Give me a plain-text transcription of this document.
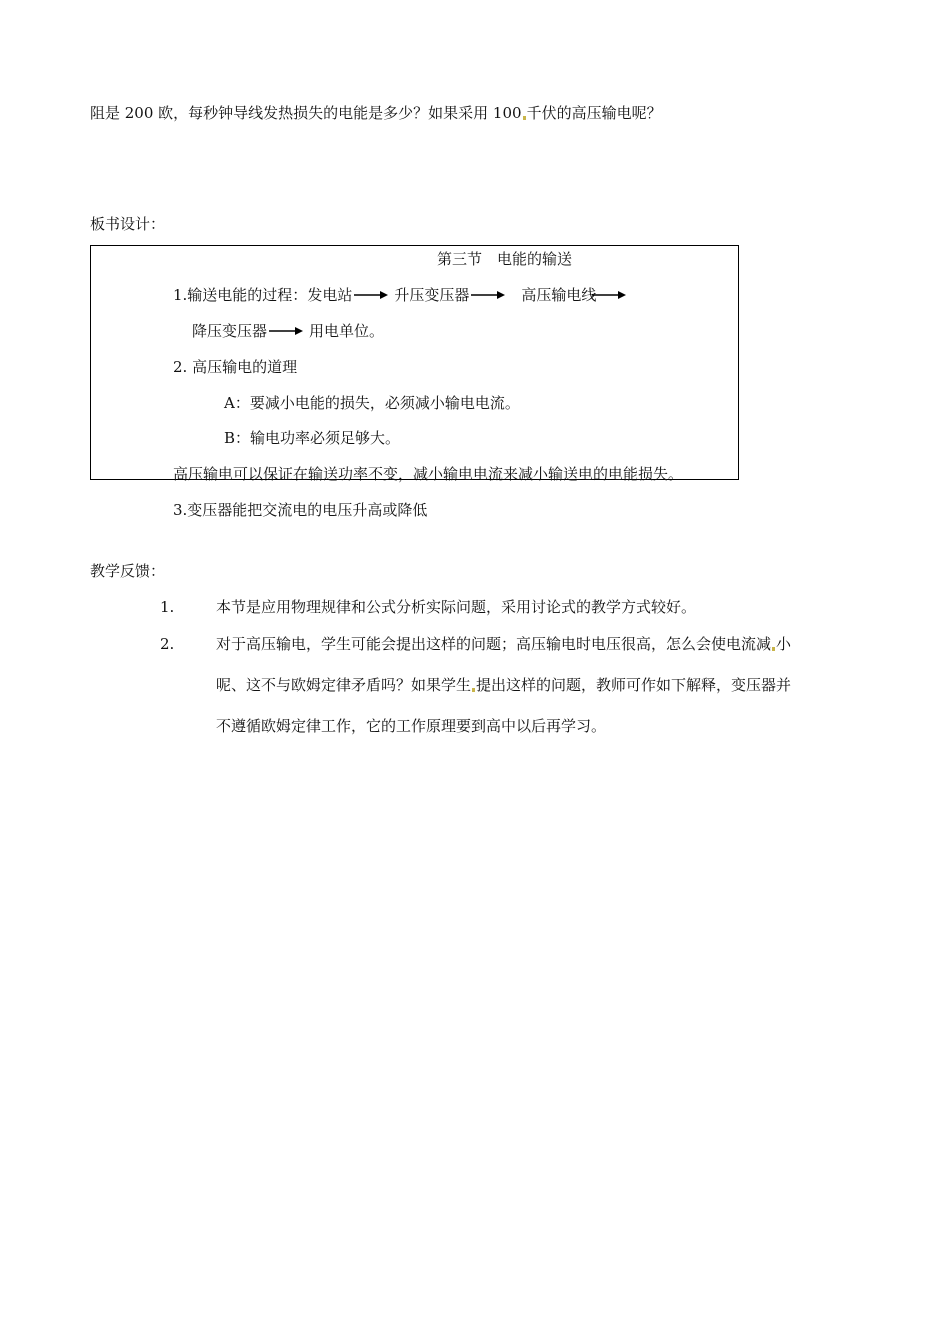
阻是 200 欧，每秒钟导线发热损失的电能是多少？如果采用 100 千伏的高压输电呢？
板书设计：
第三节　电能的输送
1.输送电能的过程：发电站	升压变压器	高压输电线
降压变压器	用电单位。
2. 高压输电的道理
A：要减小电能的损失，必须减小输电电流。
B：输电功率必须足够大。
高压输电可以保证在输送功率不变，减小输电电流来减小输送电的电能损失。
3.变压器能把交流电的电压升高或降低
教学反馈：
1.	本节是应用物理规律和公式分析实际问题，采用讨论式的教学方式较好。
2.	对于高压输电，学生可能会提出这样的问题；高压输电时电压很高，怎么会使电流减 小
呢、这不与欧姆定律矛盾吗？如果学生 提出这样的问题，教师可作如下解释，变压器并
不遵循欧姆定律工作，它的工作原理要到高中以后再学习。
